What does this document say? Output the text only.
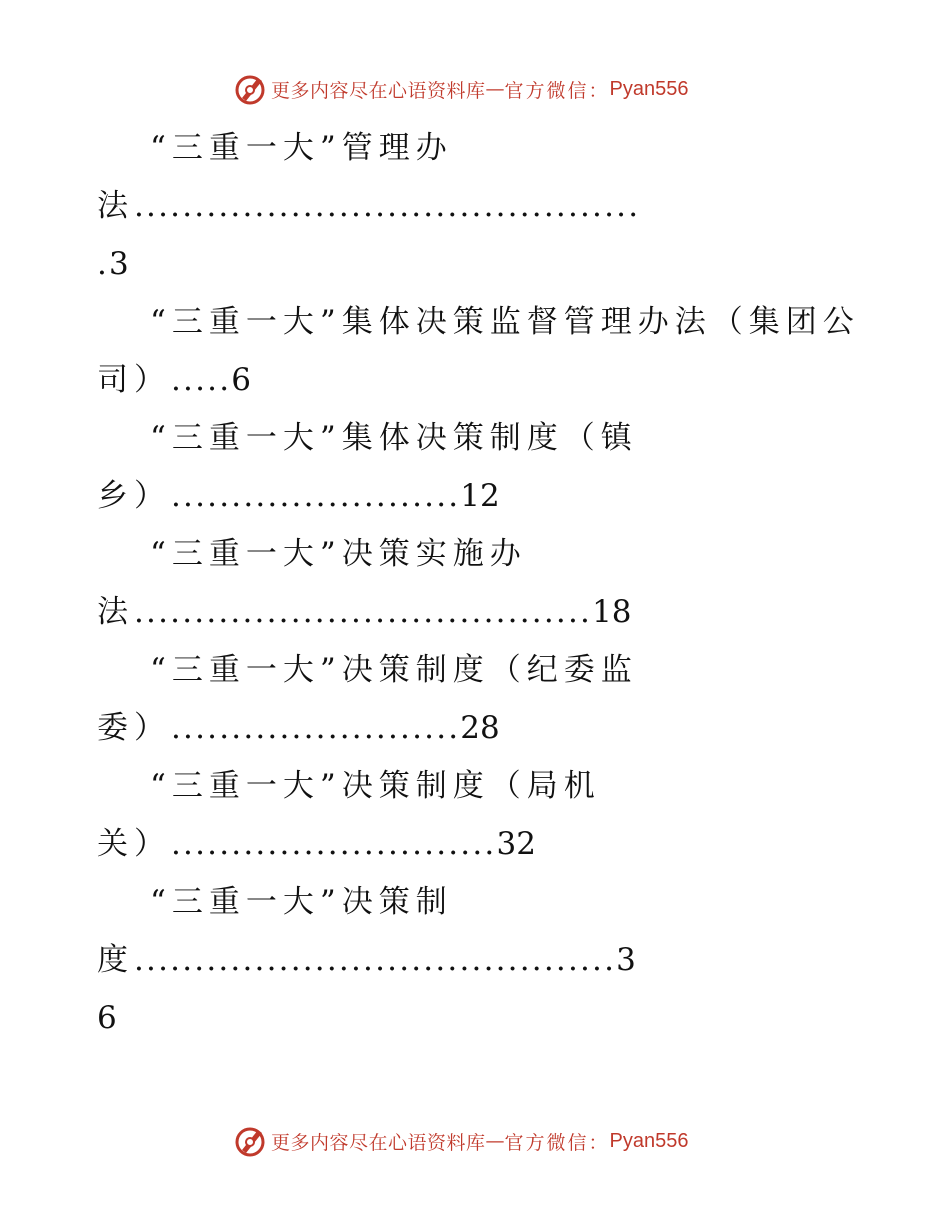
更多内容尽在心语资料库 — 官方微信： Pyan556
“三重一大”管理办
法..........................................
.3
“三重一大”集体决策监督管理办法（集团公
司）.....6
“三重一大”集体决策制度（镇
乡）........................12
“三重一大”决策实施办
法......................................18
“三重一大”决策制度（纪委监
委）........................28
“三重一大”决策制度（局机
关）...........................32
“三重一大”决策制
度........................................3
6
更多内容尽在心语资料库 — 官方微信： Pyan556
